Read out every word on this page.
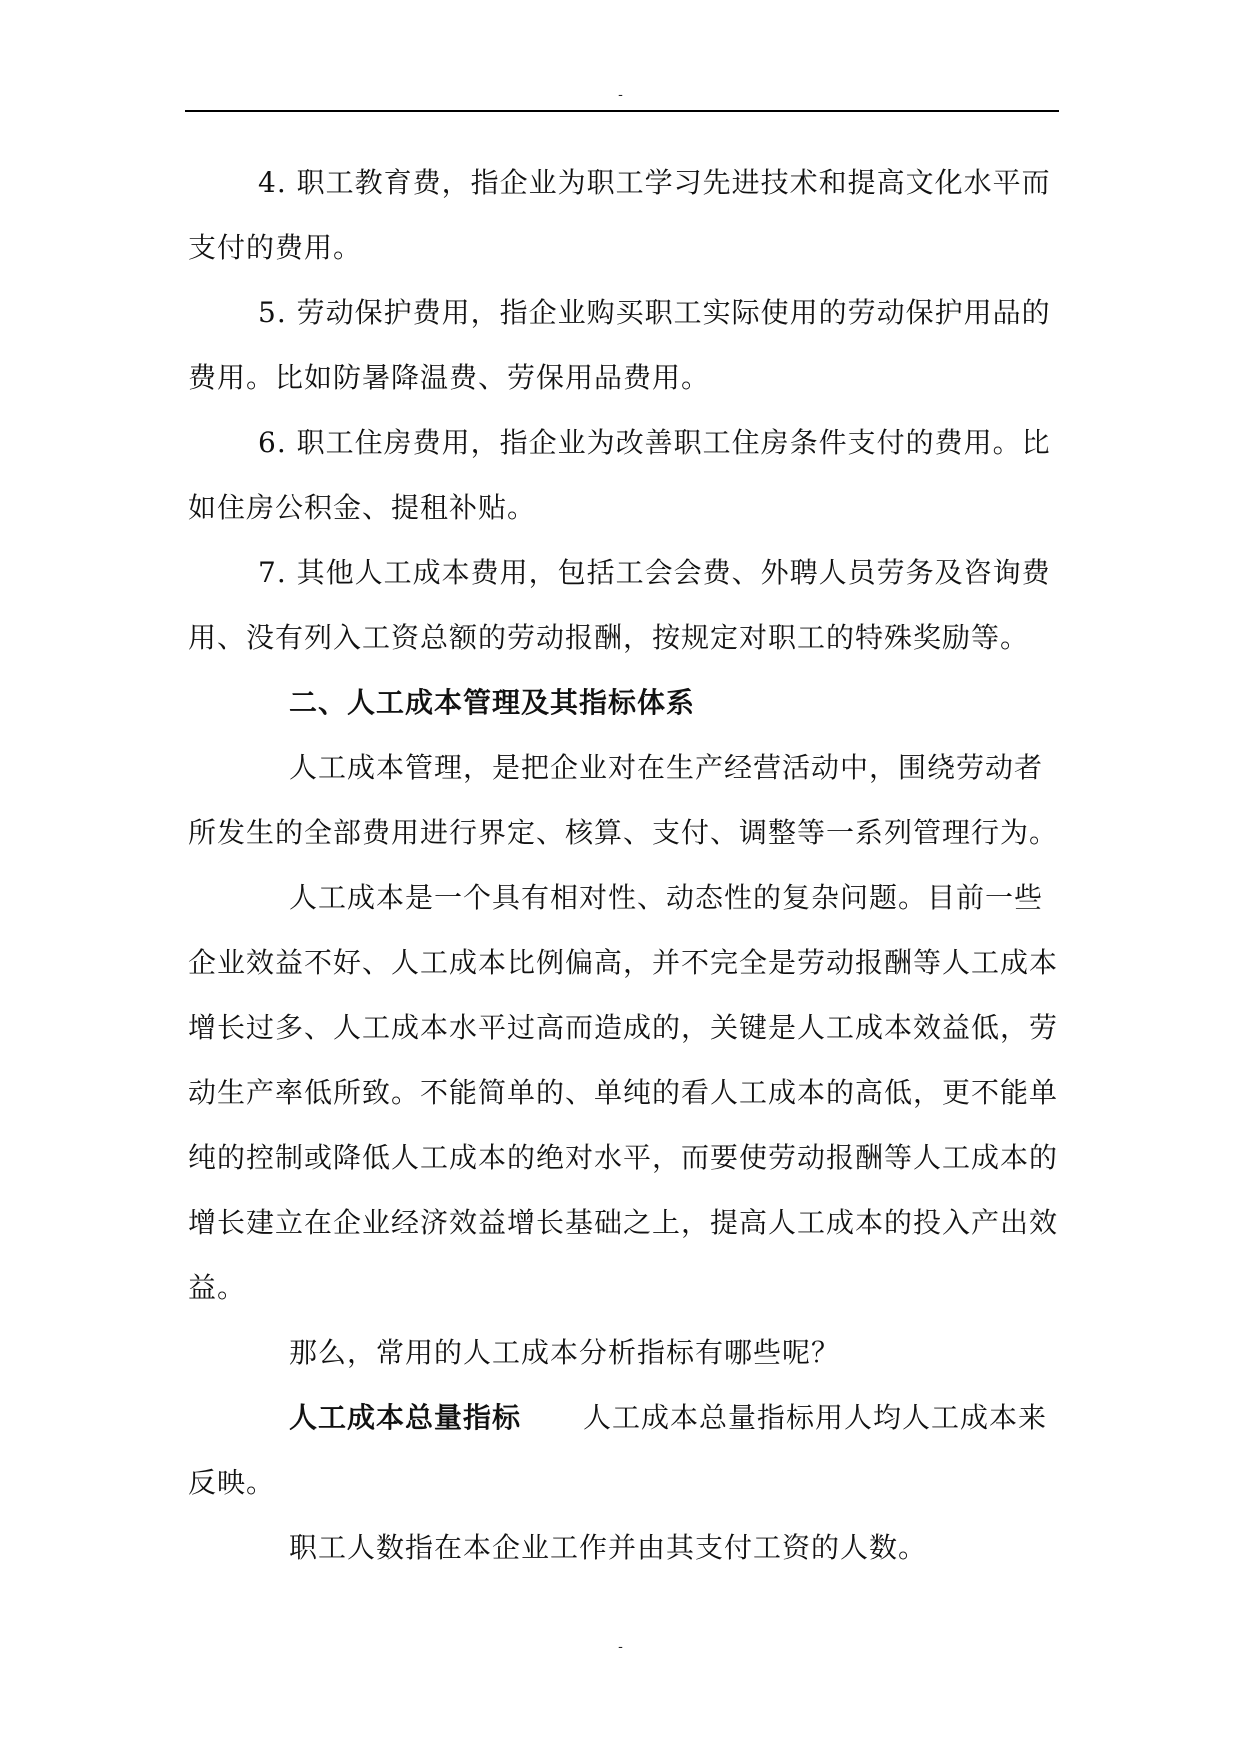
-

4. 职工教育费，指企业为职工学习先进技术和提高文化水平而支付的费用。

5. 劳动保护费用，指企业购买职工实际使用的劳动保护用品的费用。比如防暑降温费、劳保用品费用。

6. 职工住房费用，指企业为改善职工住房条件支付的费用。比如住房公积金、提租补贴。

7. 其他人工成本费用，包括工会会费、外聘人员劳务及咨询费用、没有列入工资总额的劳动报酬，按规定对职工的特殊奖励等。

二、人工成本管理及其指标体系

人工成本管理，是把企业对在生产经营活动中，围绕劳动者所发生的全部费用进行界定、核算、支付、调整等一系列管理行为。

人工成本是一个具有相对性、动态性的复杂问题。目前一些企业效益不好、人工成本比例偏高，并不完全是劳动报酬等人工成本增长过多、人工成本水平过高而造成的，关键是人工成本效益低，劳动生产率低所致。不能简单的、单纯的看人工成本的高低，更不能单纯的控制或降低人工成本的绝对水平，而要使劳动报酬等人工成本的增长建立在企业经济效益增长基础之上，提高人工成本的投入产出效益。

那么，常用的人工成本分析指标有哪些呢？

人工成本总量指标 人工成本总量指标用人均人工成本来反映。

职工人数指在本企业工作并由其支付工资的人数。

-
